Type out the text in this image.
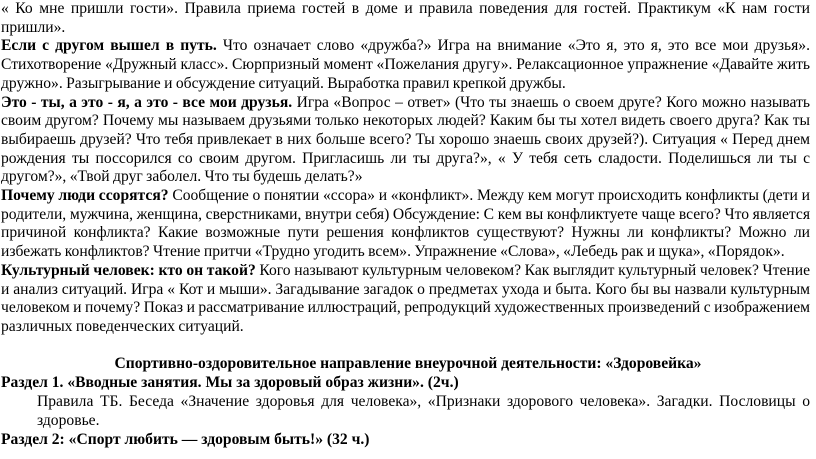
« Ко мне пришли гости». Правила приема гостей в доме и правила поведения для гостей. Практикум «К нам гости пришли».

Если с другом вышел в путь. Что означает слово «дружба?» Игра на внимание «Это я, это я, это все мои друзья». Стихотворение «Дружный класс». Сюрпризный момент «Пожелания другу». Релаксационное упражнение «Давайте жить дружно». Разыгрывание и обсуждение ситуаций. Выработка правил крепкой дружбы.

Это - ты, а это - я, а это - все мои друзья. Игра «Вопрос – ответ» (Что ты знаешь о своем друге? Кого можно называть своим другом? Почему мы называем друзьями только некоторых людей? Каким бы ты хотел видеть своего друга? Как ты выбираешь друзей? Что тебя привлекает в них больше всего? Ты хорошо знаешь своих друзей?). Ситуация « Перед днем рождения ты поссорился со своим другом. Пригласишь ли ты друга?», « У тебя сеть сладости. Поделишься ли ты с другом?», «Твой друг заболел. Что ты будешь делать?»

Почему люди ссорятся? Сообщение о понятии «ссора» и «конфликт». Между кем могут происходить конфликты (дети и родители, мужчина, женщина, сверстниками, внутри себя) Обсуждение: С кем вы конфликтуете чаще всего? Что является причиной конфликта? Какие возможные пути решения конфликтов существуют? Нужны ли конфликты? Можно ли избежать конфликтов? Чтение притчи «Трудно угодить всем». Упражнение «Слова», «Лебедь рак и щука», «Порядок».

Культурный человек: кто он такой? Кого называют культурным человеком? Как выглядит культурный человек? Чтение и анализ ситуаций. Игра « Кот и мыши». Загадывание загадок о предметах ухода и быта. Кого бы вы назвали культурным человеком и почему? Показ и рассматривание иллюстраций, репродукций художественных произведений с изображением различных поведенческих ситуаций.

Спортивно-оздоровительное направление внеурочной деятельности: «Здоровейка»

Раздел 1. «Вводные занятия. Мы за здоровый образ жизни». (2ч.)

Правила ТБ. Беседа «Значение здоровья для человека», «Признаки здорового человека». Загадки. Пословицы о здоровье.

Раздел 2: «Спорт любить — здоровым быть!» (32 ч.)
